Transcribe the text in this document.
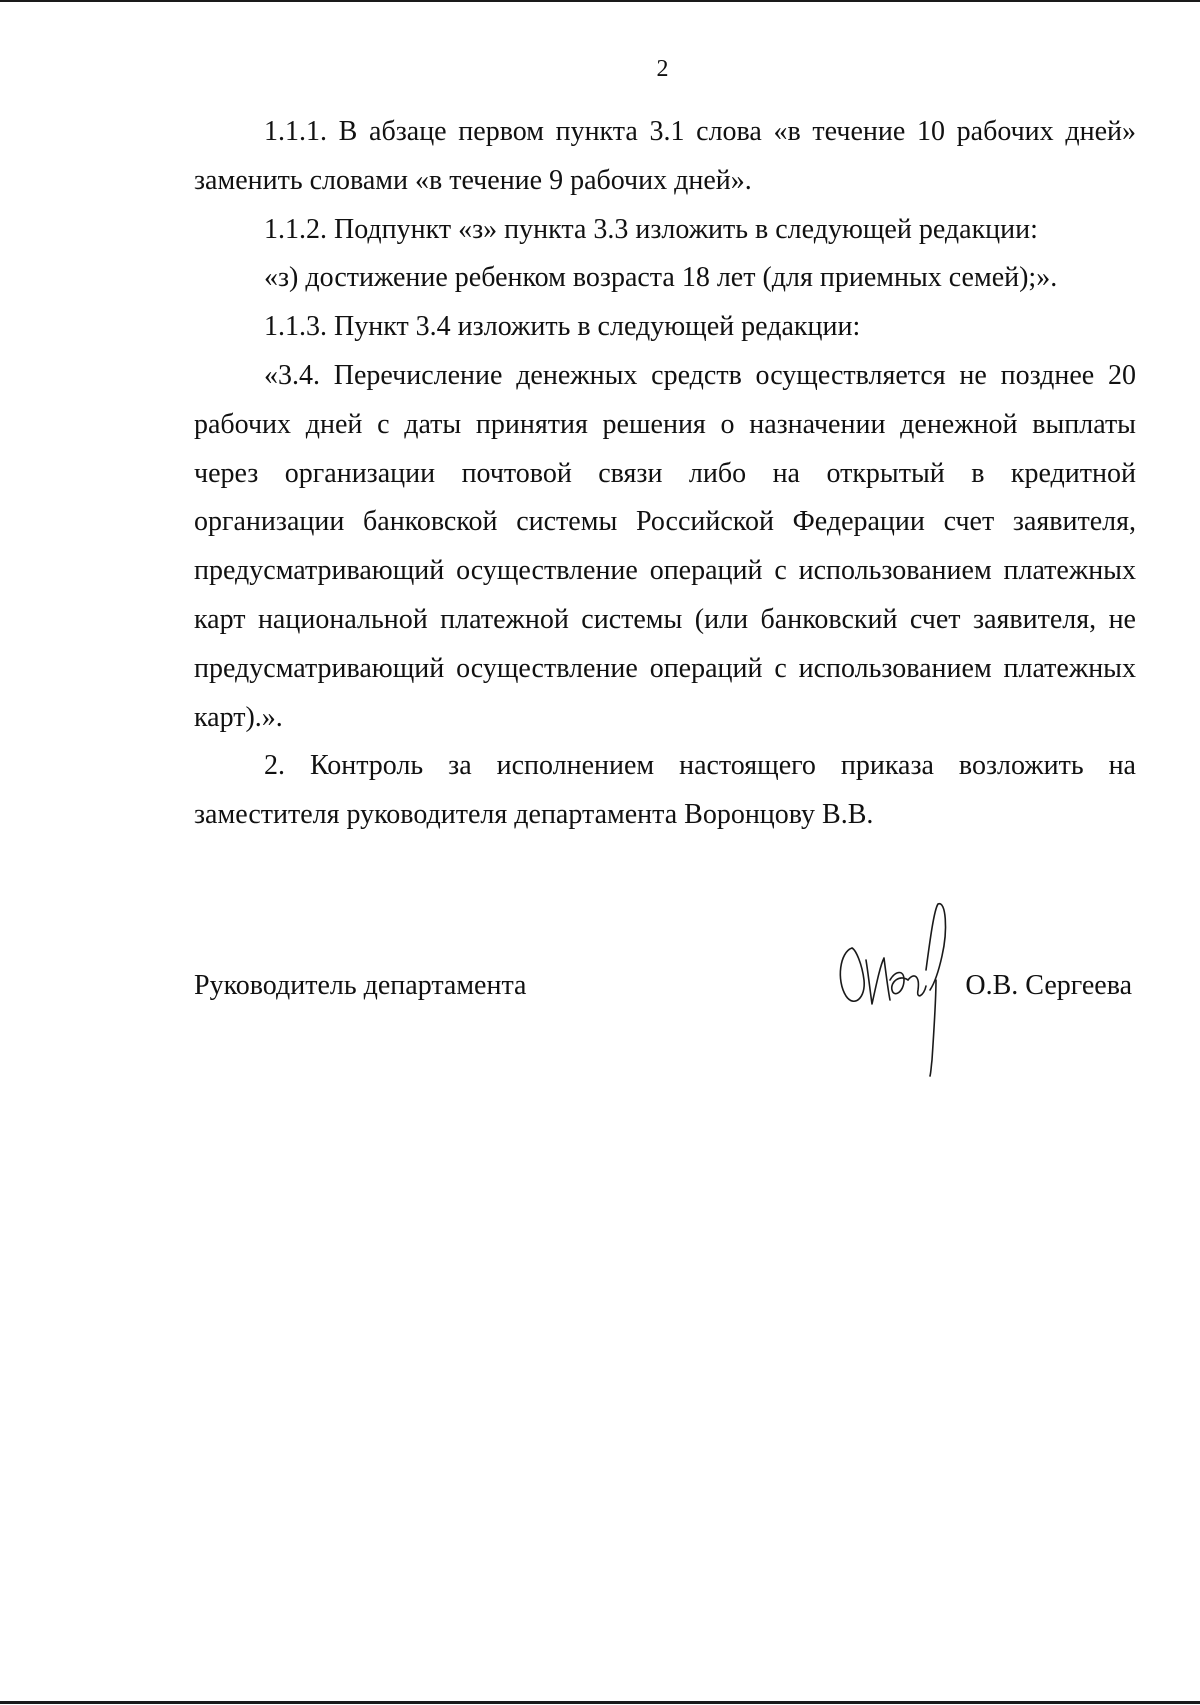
2

1.1.1. В абзаце первом пункта 3.1 слова «в течение 10 рабочих дней» заменить словами «в течение 9 рабочих дней».

1.1.2. Подпункт «з» пункта 3.3 изложить в следующей редакции:

«з) достижение ребенком возраста 18 лет (для приемных семей);».

1.1.3. Пункт 3.4 изложить в следующей редакции:

«3.4. Перечисление денежных средств осуществляется не позднее 20 рабочих дней с даты принятия решения о назначении денежной выплаты через организации почтовой связи либо на открытый в кредитной организации банковской системы Российской Федерации счет заявителя, предусматривающий осуществление операций с использованием платежных карт национальной платежной системы (или банковский счет заявителя, не предусматривающий осуществление операций с использованием платежных карт).».

2. Контроль за исполнением настоящего приказа возложить на заместителя руководителя департамента Воронцову В.В.

Руководитель департамента	О.В. Сергеева
